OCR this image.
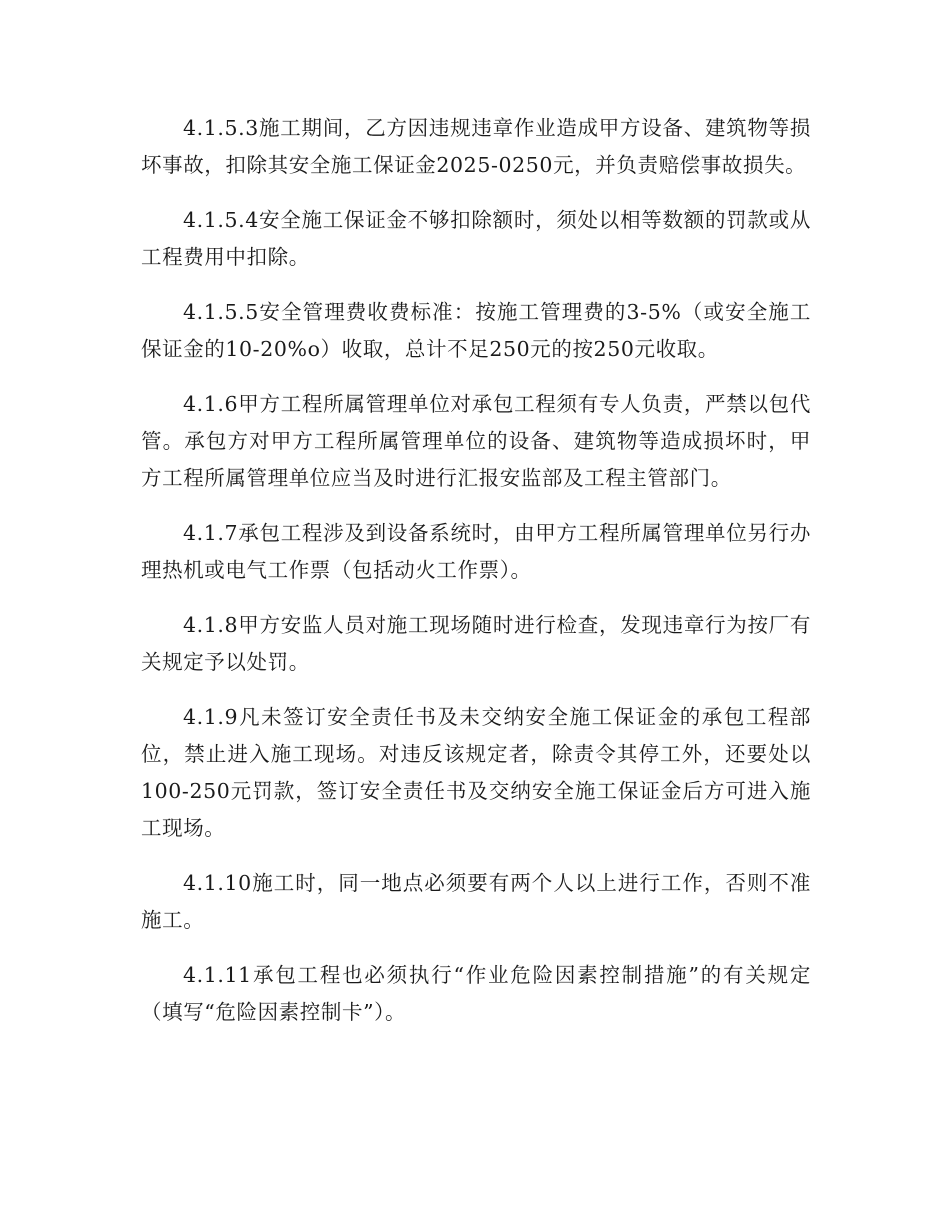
4.1.5.3施工期间，乙方因违规违章作业造成甲方设备、建筑物等损坏事故，扣除其安全施工保证金2025-0250元，并负责赔偿事故损失。

4.1.5.4安全施工保证金不够扣除额时，须处以相等数额的罚款或从工程费用中扣除。

4.1.5.5安全管理费收费标准：按施工管理费的3-5%（或安全施工保证金的10-20%o）收取，总计不足250元的按250元收取。

4.1.6甲方工程所属管理单位对承包工程须有专人负责，严禁以包代管。承包方对甲方工程所属管理单位的设备、建筑物等造成损坏时，甲方工程所属管理单位应当及时进行汇报安监部及工程主管部门。

4.1.7承包工程涉及到设备系统时，由甲方工程所属管理单位另行办理热机或电气工作票（包括动火工作票）。

4.1.8甲方安监人员对施工现场随时进行检查，发现违章行为按厂有关规定予以处罚。

4.1.9凡未签订安全责任书及未交纳安全施工保证金的承包工程部位，禁止进入施工现场。对违反该规定者，除责令其停工外，还要处以100-250元罚款，签订安全责任书及交纳安全施工保证金后方可进入施工现场。

4.1.10施工时，同一地点必须要有两个人以上进行工作，否则不准施工。

4.1.11承包工程也必须执行“作业危险因素控制措施”的有关规定（填写“危险因素控制卡”）。
